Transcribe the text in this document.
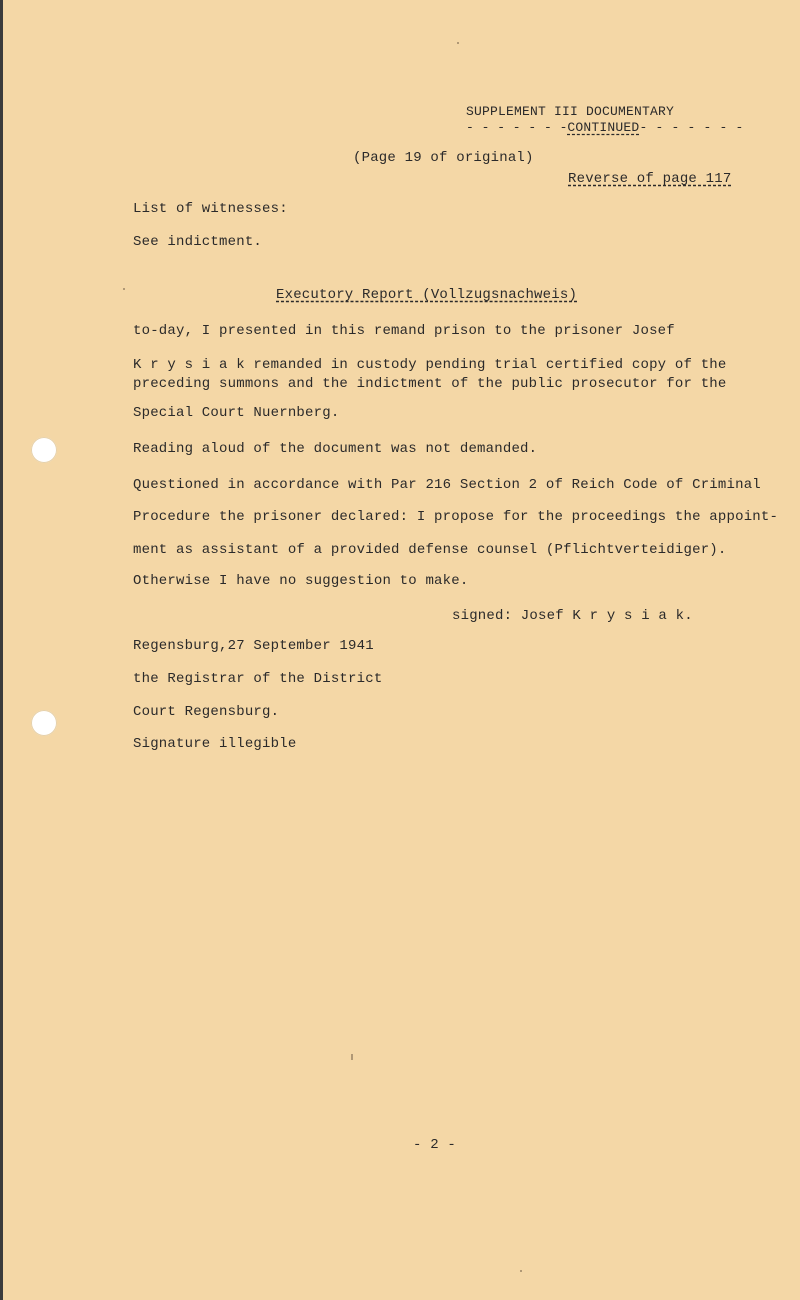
SUPPLEMENT III DOCUMENTARY
- - - - - - -CONTINUED- - - - - - -
(Page 19 of original)
Reverse of page 117
List of witnesses:
See indictment.
Executory Report (Vollzugsnachweis)
to-day, I presented in this remand prison to the prisoner Josef
K r y s i a k remanded in custody pending trial certified copy of the
preceding summons and the indictment of the public prosecutor for the
Special Court Nuernberg.
Reading aloud of the document was not demanded.
Questioned in accordance with Par 216 Section 2 of Reich Code of Criminal
Procedure the prisoner declared: I propose for the proceedings the appoint-
ment as assistant of a provided defense counsel (Pflichtverteidiger).
Otherwise I have no suggestion to make.
signed: Josef K r y s i a k.
Regensburg,27 September 1941
the Registrar of the District
Court Regensburg.
Signature illegible
- 2 -
